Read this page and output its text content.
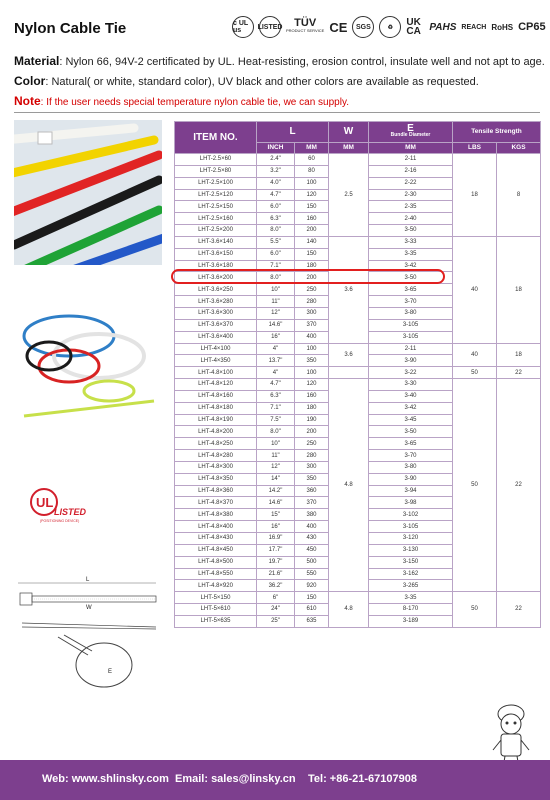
Nylon Cable Tie	c UL us	LISTED TÜV
PRODUCT SERVICE CE	SGS	♻	UK CA PAHS REACH RoHS CP65
Material: Nylon 66, 94V-2 certificated by UL. Heat-resisting, erosion control, insulate well and not apt to age.
Color: Natural( or white, standard color), UV black and other colors are available as requested.
Note: If the user needs special temperature nylon cable tie, we can supply.
UL
LISTED
(POSITIONING DEVICE)
L
W
E
ITEM NO.	L		W	E
Bundle Diameter	Tensile Strength	
	INCH	MM	MM	MM	LBS	KGS
LHT-2.5×60	2.4"	60	2.5	2-11	18	8
LHT-2.5×80	3.2"	80		2-16		
LHT-2.5×100	4.0"	100		2-22		
LHT-2.5×120	4.7"	120		2-30		
LHT-2.5×150	6.0"	150		2-35		
LHT-2.5×160	6.3"	160		2-40		
LHT-2.5×200	8.0"	200		3-50		
LHT-3.6×140	5.5"	140	3.6	3-33	40	18
LHT-3.6×150	6.0"	150		3-35		
LHT-3.6×180	7.1"	180		3-42		
LHT-3.6×200	8.0"	200		3-50		
LHT-3.6×250	10"	250		3-65		
LHT-3.6×280	11"	280		3-70		
LHT-3.6×300	12"	300		3-80		
LHT-3.6×370	14.6"	370		3-105		
LHT-3.6×400	16"	400		3-105		
LHT-4×100	4"	100	3.6	2-11	40	18
LHT-4×350	13.7"	350		3-90		
LHT-4.8×100	4"	100		3-22	50	22
LHT-4.8×120	4.7"	120	4.8	3-30	50	22
LHT-4.8×160	6.3"	160		3-40		
LHT-4.8×180	7.1"	180		3-42		
LHT-4.8×190	7.5"	190		3-45		
LHT-4.8×200	8.0"	200		3-50		
LHT-4.8×250	10"	250		3-65		
LHT-4.8×280	11"	280		3-70		
LHT-4.8×300	12"	300		3-80		
LHT-4.8×350	14"	350		3-90		
LHT-4.8×360	14.2"	360		3-94		
LHT-4.8×370	14.6"	370		3-98		
LHT-4.8×380	15"	380		3-102		
LHT-4.8×400	16"	400		3-105		
LHT-4.8×430	16.9"	430		3-120		
LHT-4.8×450	17.7"	450		3-130		
LHT-4.8×500	19.7"	500		3-150		
LHT-4.8×550	21.6"	550		3-162		
LHT-4.8×920	36.2"	920		3-265		
LHT-5×150	6"	150	4.8	3-35	50	22
LHT-5×610	24"	610		8-170		
LHT-5×635	25"	635		3-189		
Web: www.shlinsky.com Email: sales@linsky.cn Tel: +86-21-67107908
